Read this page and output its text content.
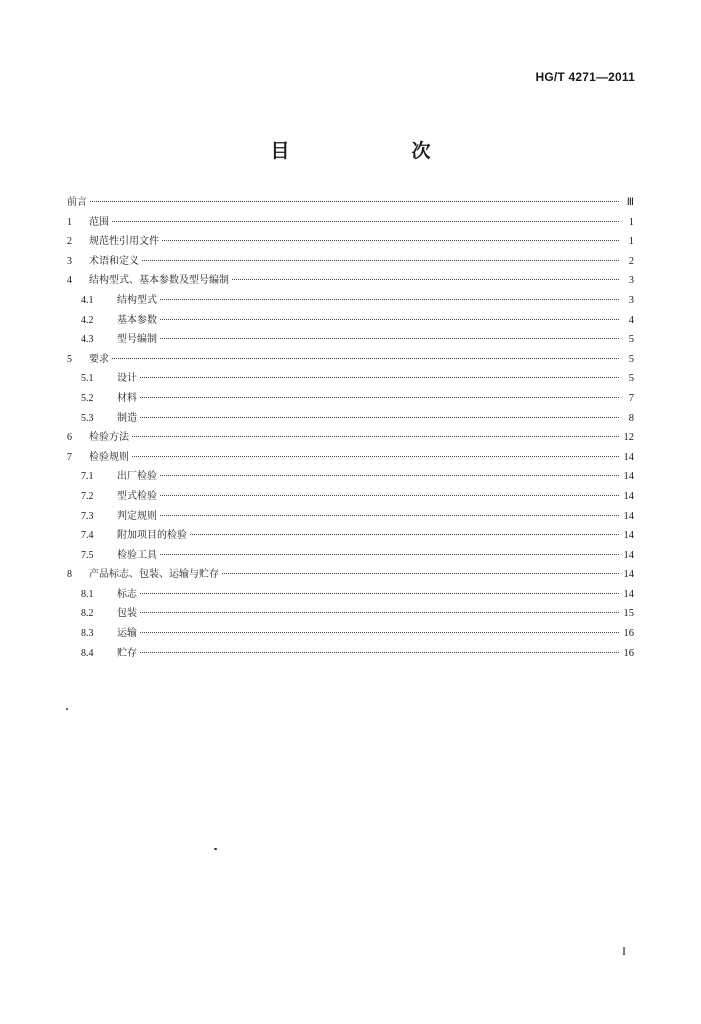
HG/T 4271—2011
目　　次
前言	Ⅲ
1	范围	1
2	规范性引用文件	1
3	术语和定义	2
4	结构型式、基本参数及型号编制	3
4.1	结构型式	3
4.2	基本参数	4
4.3	型号编制	5
5	要求	5
5.1	设计	5
5.2	材料	7
5.3	制造	8
6	检验方法	12
7	检验规则	14
7.1	出厂检验	14
7.2	型式检验	14
7.3	判定规则	14
7.4	附加项目的检验	14
7.5	检验工具	14
8	产品标志、包装、运输与贮存	14
8.1	标志	14
8.2	包装	15
8.3	运输	16
8.4	贮存	16
I
